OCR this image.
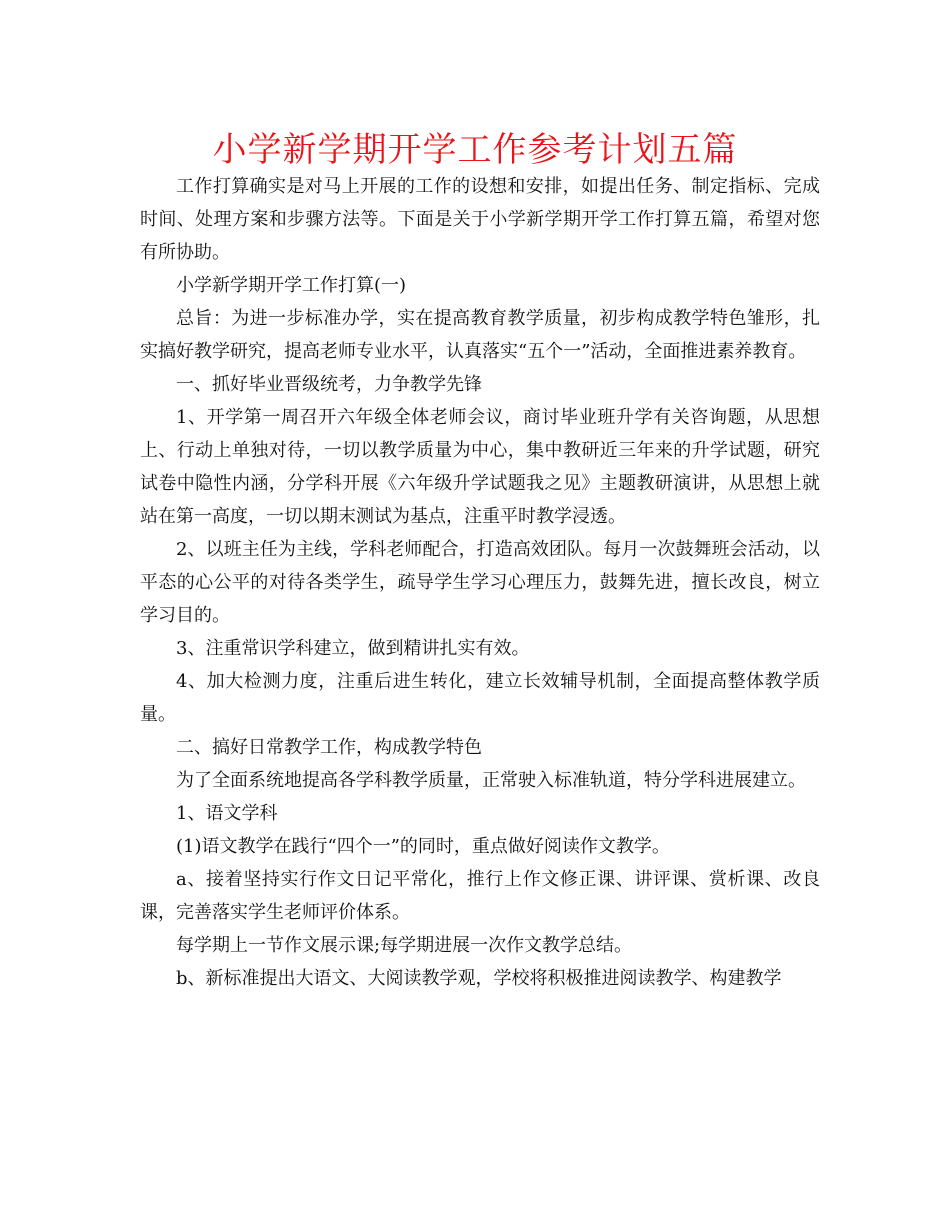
小学新学期开学工作参考计划五篇

工作打算确实是对马上开展的工作的设想和安排，如提出任务、制定指标、完成时间、处理方案和步骤方法等。下面是关于小学新学期开学工作打算五篇，希望对您有所协助。

小学新学期开学工作打算(一)

总旨：为进一步标准办学，实在提高教育教学质量，初步构成教学特色雏形，扎实搞好教学研究，提高老师专业水平，认真落实“五个一”活动，全面推进素养教育。

一、抓好毕业晋级统考，力争教学先锋

1、开学第一周召开六年级全体老师会议，商讨毕业班升学有关咨询题，从思想上、行动上单独对待，一切以教学质量为中心，集中教研近三年来的升学试题，研究试卷中隐性内涵，分学科开展《六年级升学试题我之见》主题教研演讲，从思想上就站在第一高度，一切以期末测试为基点，注重平时教学浸透。

2、以班主任为主线，学科老师配合，打造高效团队。每月一次鼓舞班会活动，以平态的心公平的对待各类学生，疏导学生学习心理压力，鼓舞先进，擅长改良，树立学习目的。

3、注重常识学科建立，做到精讲扎实有效。

4、加大检测力度，注重后进生转化，建立长效辅导机制，全面提高整体教学质量。

二、搞好日常教学工作，构成教学特色

为了全面系统地提高各学科教学质量，正常驶入标准轨道，特分学科进展建立。

1、语文学科

(1)语文教学在践行“四个一”的同时，重点做好阅读作文教学。

a、接着坚持实行作文日记平常化，推行上作文修正课、讲评课、赏析课、改良课，完善落实学生老师评价体系。

每学期上一节作文展示课;每学期进展一次作文教学总结。

b、新标准提出大语文、大阅读教学观，学校将积极推进阅读教学、构建教学
